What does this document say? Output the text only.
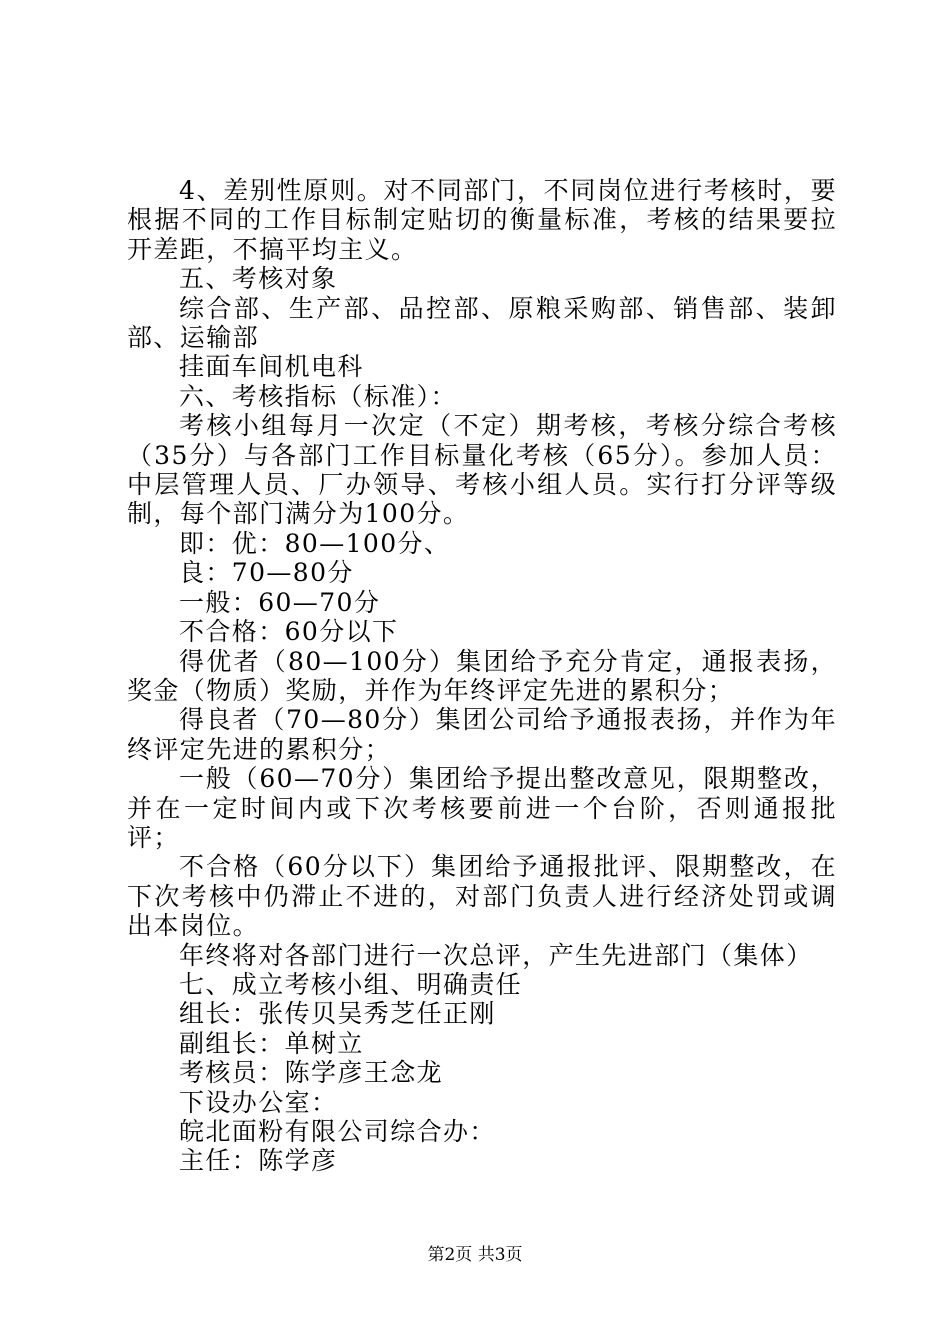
4、差别性原则。对不同部门，不同岗位进行考核时，要根据不同的工作目标制定贴切的衡量标准，考核的结果要拉开差距，不搞平均主义。

五、考核对象

综合部、生产部、品控部、原粮采购部、销售部、装卸部、运输部

挂面车间机电科

六、考核指标（标准）：

考核小组每月一次定（不定）期考核，考核分综合考核（35分）与各部门工作目标量化考核（65分）。参加人员：中层管理人员、厂办领导、考核小组人员。实行打分评等级制，每个部门满分为100分。

即：优：80—100分、

良：70—80分

一般：60—70分

不合格：60分以下

得优者（80—100分）集团给予充分肯定，通报表扬，奖金（物质）奖励，并作为年终评定先进的累积分；

得良者（70—80分）集团公司给予通报表扬，并作为年终评定先进的累积分；

一般（60—70分）集团给予提出整改意见，限期整改，并在一定时间内或下次考核要前进一个台阶，否则通报批评；

不合格（60分以下）集团给予通报批评、限期整改，在下次考核中仍滞止不进的，对部门负责人进行经济处罚或调出本岗位。

年终将对各部门进行一次总评，产生先进部门（集体）

七、成立考核小组、明确责任

组长：张传贝吴秀芝任正刚

副组长：单树立

考核员：陈学彦王念龙

下设办公室：

皖北面粉有限公司综合办：

主任：陈学彦

第2页 共3页
